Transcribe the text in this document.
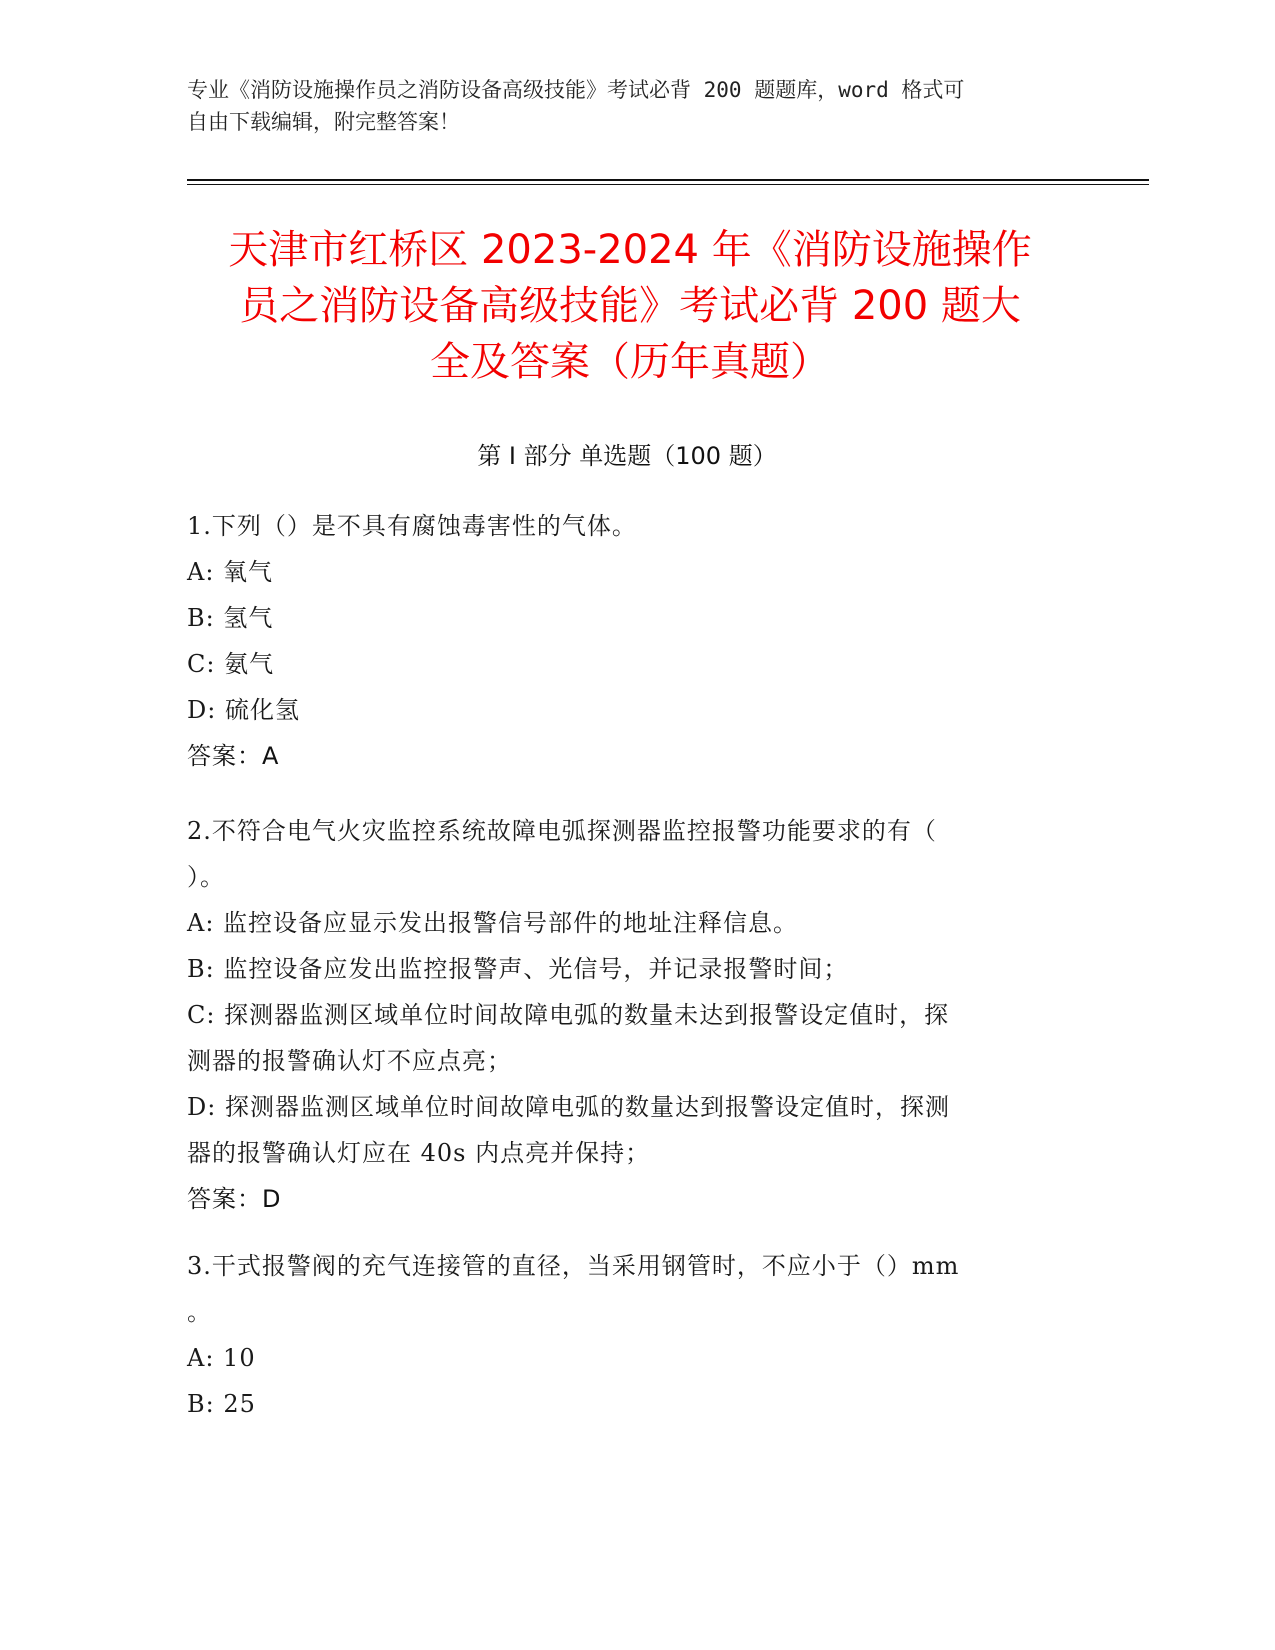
专业《消防设施操作员之消防设备高级技能》考试必背 200 题题库，word 格式可
自由下载编辑，附完整答案！
天津市红桥区 2023-2024 年《消防设施操作
员之消防设备高级技能》考试必背 200 题大
全及答案（历年真题）
第 I 部分 单选题（100 题）
1.下列（）是不具有腐蚀毒害性的气体。
A: 氧气
B: 氢气
C: 氨气
D: 硫化氢
答案：A
2.不符合电气火灾监控系统故障电弧探测器监控报警功能要求的有（
）。
A: 监控设备应显示发出报警信号部件的地址注释信息。
B: 监控设备应发出监控报警声、光信号，并记录报警时间；
C: 探测器监测区域单位时间故障电弧的数量未达到报警设定值时，探
测器的报警确认灯不应点亮；
D: 探测器监测区域单位时间故障电弧的数量达到报警设定值时，探测
器的报警确认灯应在 40s 内点亮并保持；
答案：D
3.干式报警阀的充气连接管的直径，当采用钢管时，不应小于（）mm
。
A: 10
B: 25
